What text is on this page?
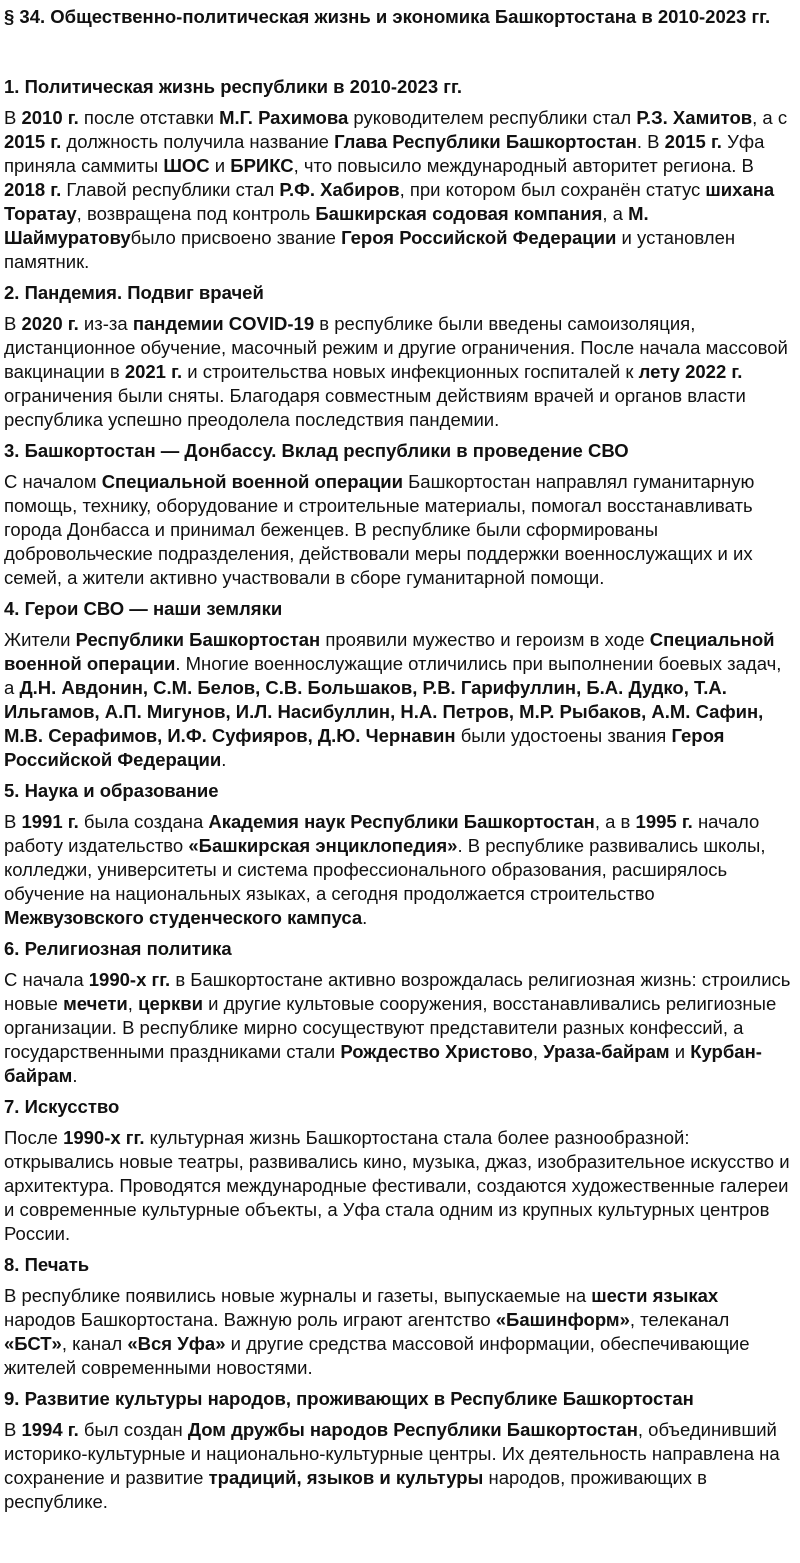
§ 34. Общественно-политическая жизнь и экономика Башкортостана в 2010-2023 гг.
1. Политическая жизнь республики в 2010-2023 гг.

В 2010 г. после отставки М.Г. Рахимова руководителем республики стал Р.З. Хамитов, а с 2015 г. должность получила название Глава Республики Башкортостан. В 2015 г. Уфа приняла саммиты ШОС и БРИКС, что повысило международный авторитет региона. В 2018 г. Главой республики стал Р.Ф. Хабиров, при котором был сохранён статус шихана Торатау, возвращена под контроль Башкирская содовая компания, а М. Шаймуратовубыло присвоено звание Героя Российской Федерации и установлен памятник.

2. Пандемия. Подвиг врачей

В 2020 г. из-за пандемии COVID-19 в республике были введены самоизоляция, дистанционное обучение, масочный режим и другие ограничения. После начала массовой вакцинации в 2021 г. и строительства новых инфекционных госпиталей к лету 2022 г. ограничения были сняты. Благодаря совместным действиям врачей и органов власти республика успешно преодолела последствия пандемии.

3. Башкортостан — Донбассу. Вклад республики в проведение СВО

С началом Специальной военной операции Башкортостан направлял гуманитарную помощь, технику, оборудование и строительные материалы, помогал восстанавливать города Донбасса и принимал беженцев. В республике были сформированы добровольческие подразделения, действовали меры поддержки военнослужащих и их семей, а жители активно участвовали в сборе гуманитарной помощи.

4. Герои СВО — наши земляки

Жители Республики Башкортостан проявили мужество и героизм в ходе Специальной военной операции. Многие военнослужащие отличились при выполнении боевых задач, а Д.Н. Авдонин, С.М. Белов, С.В. Большаков, Р.В. Гарифуллин, Б.А. Дудко, Т.А. Ильгамов, А.П. Мигунов, И.Л. Насибуллин, Н.А. Петров, М.Р. Рыбаков, А.М. Сафин, М.В. Серафимов, И.Ф. Суфияров, Д.Ю. Чернавин были удостоены звания Героя Российской Федерации.

5. Наука и образование

В 1991 г. была создана Академия наук Республики Башкортостан, а в 1995 г. начало работу издательство «Башкирская энциклопедия». В республике развивались школы, колледжи, университеты и система профессионального образования, расширялось обучение на национальных языках, а сегодня продолжается строительство Межвузовского студенческого кампуса.

6. Религиозная политика

С начала 1990-х гг. в Башкортостане активно возрождалась религиозная жизнь: строились новые мечети, церкви и другие культовые сооружения, восстанавливались религиозные организации. В республике мирно сосуществуют представители разных конфессий, а государственными праздниками стали Рождество Христово, Ураза-байрам и Курбан-байрам.

7. Искусство

После 1990-х гг. культурная жизнь Башкортостана стала более разнообразной: открывались новые театры, развивались кино, музыка, джаз, изобразительное искусство и архитектура. Проводятся международные фестивали, создаются художественные галереи и современные культурные объекты, а Уфа стала одним из крупных культурных центров России.

8. Печать

В республике появились новые журналы и газеты, выпускаемые на шести языках народов Башкортостана. Важную роль играют агентство «Башинформ», телеканал «БСТ», канал «Вся Уфа» и другие средства массовой информации, обеспечивающие жителей современными новостями.

9. Развитие культуры народов, проживающих в Республике Башкортостан

В 1994 г. был создан Дом дружбы народов Республики Башкортостан, объединивший историко-культурные и национально-культурные центры. Их деятельность направлена на сохранение и развитие традиций, языков и культуры народов, проживающих в республике.
